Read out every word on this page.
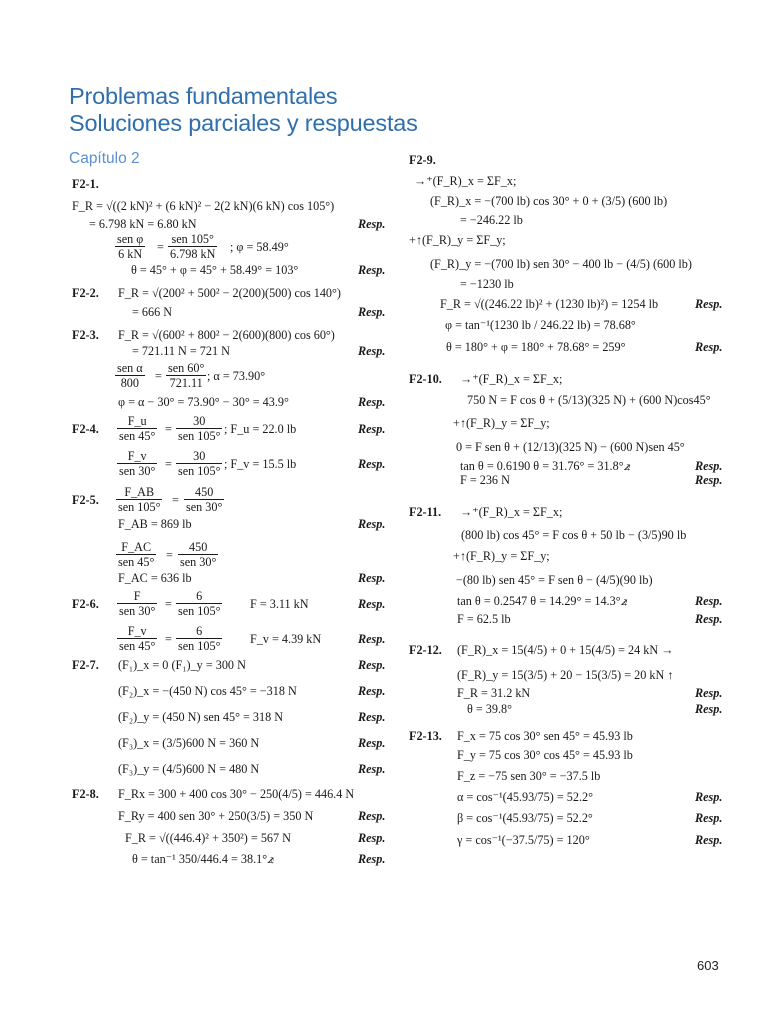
Problemas fundamentales
Soluciones parciales y respuestas
Capítulo 2
F2-1.
F_R = √((2 kN)² + (6 kN)² − 2(2 kN)(6 kN) cos 105°)
= 6.798 kN = 6.80 kN	Resp.
sen φ
6 kN =
sen 105°
6.798 kN ; φ = 58.49°
θ = 45° + φ = 45° + 58.49° = 103°	Resp.
F2-2. F_R = √(200² + 500² − 2(200)(500) cos 140°)
= 666 N	Resp.
F2-3. F_R = √(600² + 800² − 2(600)(800) cos 60°)
= 721.11 N = 721 N	Resp.
sen α
800	=
sen 60°
721.11 ; α = 73.90°
φ = α − 30° = 73.90° − 30° = 43.9°	Resp.
F2-4.
F_u
sen 45° =
30
sen 105° ; F_u = 22.0 lb	Resp.
F_v
sen 30° =
30
sen 105° ; F_v = 15.5 lb	Resp.
F2-5.
F_AB
sen 105° =
450
sen 30°
F_AB = 869 lb	Resp.
F_AC
sen 45° =
450
sen 30°
F_AC = 636 lb	Resp.
F2-6.
F
sen 30° =
6
sen 105° F = 3.11 kN	Resp.
F_v
sen 45° =
6
sen 105° F_v = 4.39 kN	Resp.
F2-7. (F₁)_x = 0 (F₁)_y = 300 N	Resp.
(F₂)_x = −(450 N) cos 45° = −318 N	Resp.
(F₂)_y = (450 N) sen 45° = 318 N	Resp.
(F₃)_x = (3/5)600 N = 360 N	Resp.
(F₃)_y = (4/5)600 N = 480 N	Resp.
F2-8. F_Rx = 300 + 400 cos 30° − 250(4/5) = 446.4 N
F_Ry = 400 sen 30° + 250(3/5) = 350 N	Resp.
F_R = √((446.4)² + 350²) = 567 N	Resp.
θ = tan⁻¹ 350/446.4 = 38.1°⦨	Resp.
F2-9.
→⁺(F_R)_x = ΣF_x;
(F_R)_x = −(700 lb) cos 30° + 0 + (3/5) (600 lb)
= −246.22 lb
+↑(F_R)_y = ΣF_y;
(F_R)_y = −(700 lb) sen 30° − 400 lb − (4/5) (600 lb)
= −1230 lb
F_R = √((246.22 lb)² + (1230 lb)²) = 1254 lb	Resp.
φ = tan⁻¹(1230 lb / 246.22 lb) = 78.68°
θ = 180° + φ = 180° + 78.68° = 259°	Resp.
F2-10. →⁺(F_R)_x = ΣF_x;
750 N = F cos θ + (5/13)(325 N) + (600 N)cos45°
+↑(F_R)_y = ΣF_y;
0 = F sen θ + (12/13)(325 N) − (600 N)sen 45°
tan θ = 0.6190 θ = 31.76° = 31.8°⦨	Resp.
F = 236 N	Resp.
F2-11. →⁺(F_R)_x = ΣF_x;
(800 lb) cos 45° = F cos θ + 50 lb − (3/5)90 lb
+↑(F_R)_y = ΣF_y;
−(80 lb) sen 45° = F sen θ − (4/5)(90 lb)
tan θ = 0.2547 θ = 14.29° = 14.3°⦨	Resp.
F = 62.5 lb	Resp.
F2-12. (F_R)_x = 15(4/5) + 0 + 15(4/5) = 24 kN →
(F_R)_y = 15(3/5) + 20 − 15(3/5) = 20 kN ↑
F_R = 31.2 kN	Resp.
θ = 39.8°	Resp.
F2-13. F_x = 75 cos 30° sen 45° = 45.93 lb
F_y = 75 cos 30° cos 45° = 45.93 lb
F_z = −75 sen 30° = −37.5 lb
α = cos⁻¹(45.93/75) = 52.2°	Resp.
β = cos⁻¹(45.93/75) = 52.2°	Resp.
γ = cos⁻¹(−37.5/75) = 120°	Resp.
603
